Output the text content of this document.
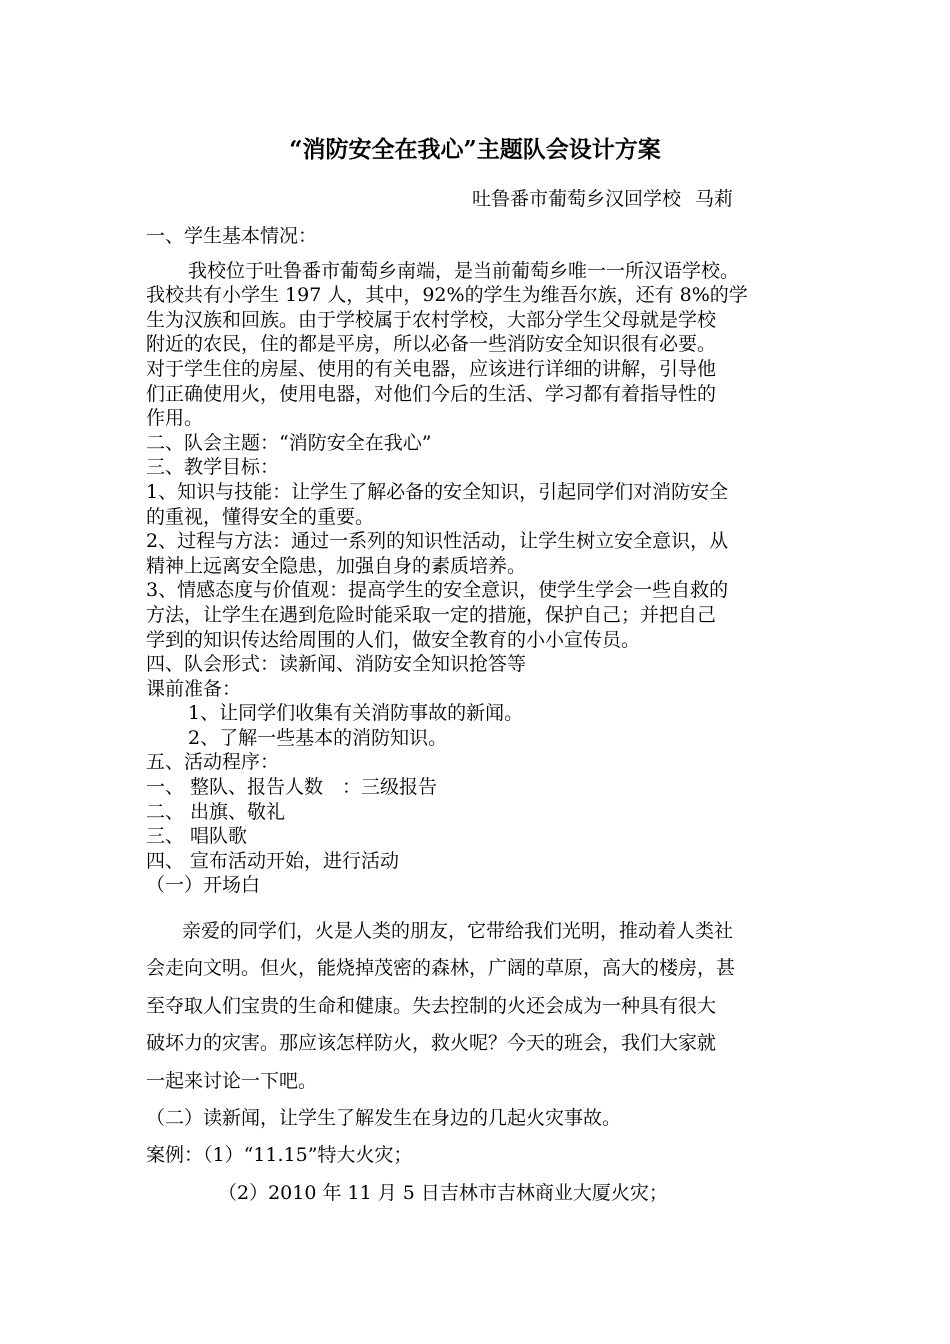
“消防安全在我心”主题队会设计方案
吐鲁番市葡萄乡汉回学校 马莉
一、学生基本情况：
我校位于吐鲁番市葡萄乡南端，是当前葡萄乡唯一一所汉语学校。
我校共有小学生 197 人，其中，92%的学生为维吾尔族，还有 8%的学
生为汉族和回族。由于学校属于农村学校，大部分学生父母就是学校
附近的农民，住的都是平房，所以必备一些消防安全知识很有必要。
对于学生住的房屋、使用的有关电器，应该进行详细的讲解，引导他
们正确使用火，使用电器，对他们今后的生活、学习都有着指导性的
作用。
二、队会主题：“消防安全在我心”
三、教学目标：
1、知识与技能：让学生了解必备的安全知识，引起同学们对消防安全
的重视，懂得安全的重要。
2、过程与方法：通过一系列的知识性活动，让学生树立安全意识，从
精神上远离安全隐患，加强自身的素质培养。
3、情感态度与价值观：提高学生的安全意识，使学生学会一些自救的
方法，让学生在遇到危险时能采取一定的措施，保护自己；并把自己
学到的知识传达给周围的人们，做安全教育的小小宣传员。
四、队会形式：读新闻、消防安全知识抢答等
课前准备：
1、让同学们收集有关消防事故的新闻。
2、了解一些基本的消防知识。
五、活动程序：
一、 整队、报告人数　：三级报告
二、 出旗、敬礼
三、 唱队歌
四、 宣布活动开始，进行活动
（一）开场白
亲爱的同学们，火是人类的朋友，它带给我们光明，推动着人类社
会走向文明。但火，能烧掉茂密的森林，广阔的草原，高大的楼房，甚
至夺取人们宝贵的生命和健康。失去控制的火还会成为一种具有很大
破坏力的灾害。那应该怎样防火，救火呢？今天的班会，我们大家就
一起来讨论一下吧。
（二）读新闻，让学生了解发生在身边的几起火灾事故。
案例：（1）“11.15”特大火灾；
（2）2010 年 11 月 5 日吉林市吉林商业大厦火灾；
